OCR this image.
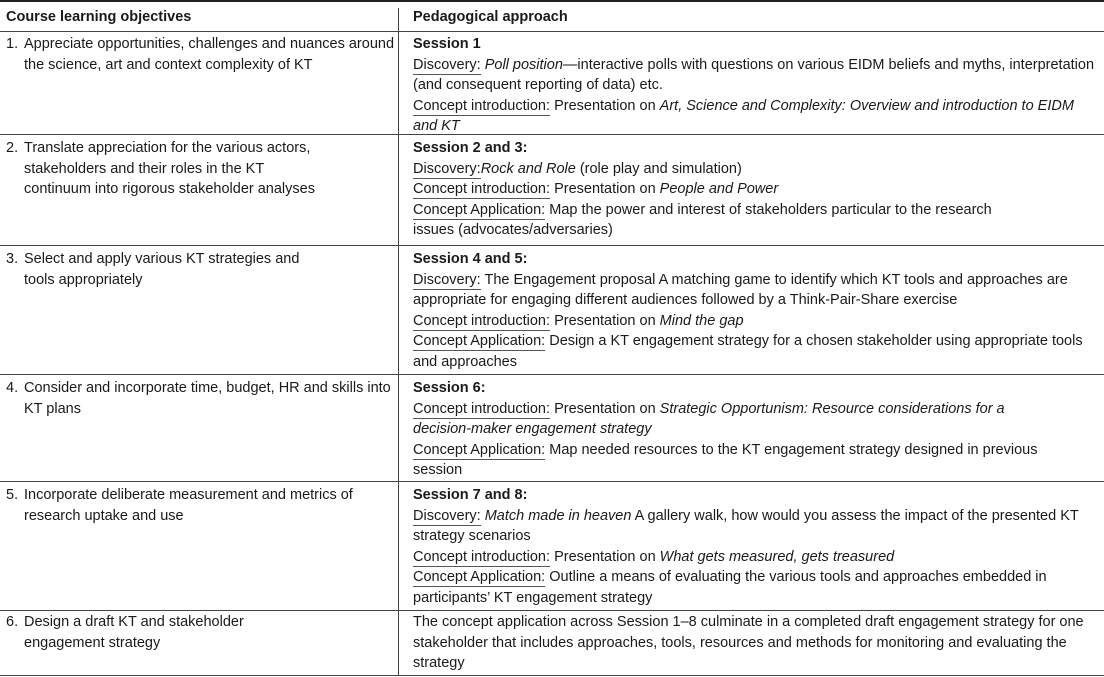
Course learning objectives	Pedagogical approach
1. Appreciate opportunities, challenges and nuances around the science, art and context complexity of KT
Session 1
Discovery: Poll position—interactive polls with questions on various EIDM beliefs and myths, interpretation (and consequent reporting of data) etc.
Concept introduction: Presentation on Art, Science and Complexity: Overview and introduction to EIDM and KT
2. Translate appreciation for the various actors, stakeholders and their roles in the KT continuum into rigorous stakeholder analyses
Session 2 and 3:
Discovery:Rock and Role (role play and simulation)
Concept introduction: Presentation on People and Power
Concept Application: Map the power and interest of stakeholders particular to the research issues (advocates/adversaries)
3. Select and apply various KT strategies and tools appropriately
Session 4 and 5:
Discovery: The Engagement proposal A matching game to identify which KT tools and approaches are appropriate for engaging different audiences followed by a Think-Pair-Share exercise
Concept introduction: Presentation on Mind the gap
Concept Application: Design a KT engagement strategy for a chosen stakeholder using appropriate tools and approaches
4. Consider and incorporate time, budget, HR and skills into KT plans
Session 6:
Concept introduction: Presentation on Strategic Opportunism: Resource considerations for a decision-maker engagement strategy
Concept Application: Map needed resources to the KT engagement strategy designed in previous session
5. Incorporate deliberate measurement and metrics of research uptake and use
Session 7 and 8:
Discovery: Match made in heaven A gallery walk, how would you assess the impact of the presented KT strategy scenarios
Concept introduction: Presentation on What gets measured, gets treasured
Concept Application: Outline a means of evaluating the various tools and approaches embedded in participants’ KT engagement strategy
6. Design a draft KT and stakeholder engagement strategy
The concept application across Session 1–8 culminate in a completed draft engagement strategy for one stakeholder that includes approaches, tools, resources and methods for monitoring and evaluating the strategy
